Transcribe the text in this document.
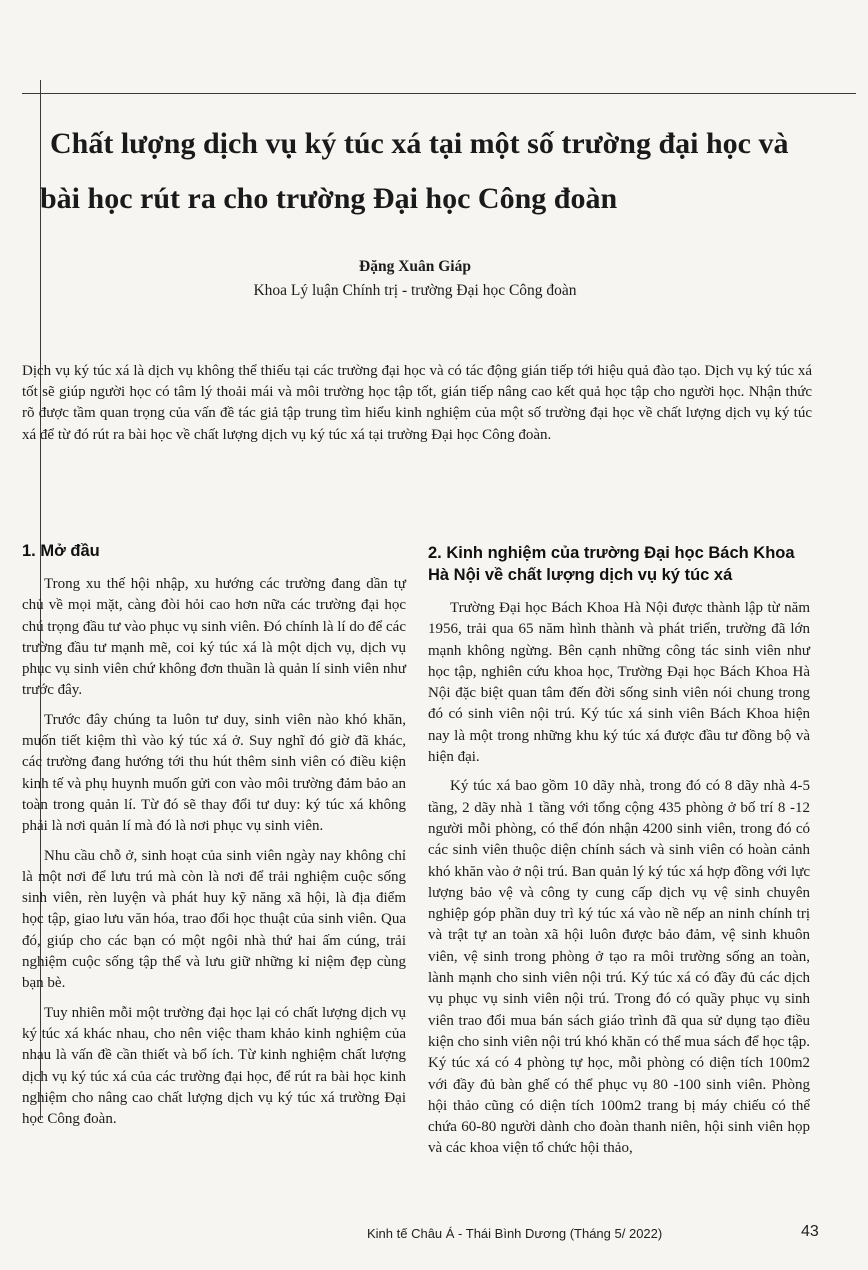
Chất lượng dịch vụ ký túc xá tại một số trường đại học và bài học rút ra cho trường Đại học Công đoàn
Đặng Xuân Giáp
Khoa Lý luận Chính trị - trường Đại học Công đoàn

Dịch vụ ký túc xá là dịch vụ không thể thiếu tại các trường đại học và có tác động gián tiếp tới hiệu quả đào tạo. Dịch vụ ký túc xá tốt sẽ giúp người học có tâm lý thoải mái và môi trường học tập tốt, gián tiếp nâng cao kết quả học tập cho người học. Nhận thức rõ được tầm quan trọng của vấn đề tác giả tập trung tìm hiểu kinh nghiệm của một số trường đại học về chất lượng dịch vụ ký túc xá để từ đó rút ra bài học về chất lượng dịch vụ ký túc xá tại trường Đại học Công đoàn.

1. Mở đầu

Trong xu thế hội nhập, xu hướng các trường đang dần tự chủ về mọi mặt, càng đòi hỏi cao hơn nữa các trường đại học chú trọng đầu tư vào phục vụ sinh viên. Đó chính là lí do để các trường đầu tư mạnh mẽ, coi ký túc xá là một dịch vụ, dịch vụ phục vụ sinh viên chứ không đơn thuần là quản lí sinh viên như trước đây.

Trước đây chúng ta luôn tư duy, sinh viên nào khó khăn, muốn tiết kiệm thì vào ký túc xá ở. Suy nghĩ đó giờ đã khác, các trường đang hướng tới thu hút thêm sinh viên có điều kiện kinh tế và phụ huynh muốn gửi con vào môi trường đảm bảo an toàn trong quản lí. Từ đó sẽ thay đổi tư duy: ký túc xá không phải là nơi quản lí mà đó là nơi phục vụ sinh viên.

Nhu cầu chỗ ở, sinh hoạt của sinh viên ngày nay không chỉ là một nơi để lưu trú mà còn là nơi để trải nghiệm cuộc sống sinh viên, rèn luyện và phát huy kỹ năng xã hội, là địa điểm học tập, giao lưu văn hóa, trao đổi học thuật của sinh viên. Qua đó, giúp cho các bạn có một ngôi nhà thứ hai ấm cúng, trải nghiệm cuộc sống tập thể và lưu giữ những kỉ niệm đẹp cùng bạn bè.

Tuy nhiên mỗi một trường đại học lại có chất lượng dịch vụ ký túc xá khác nhau, cho nên việc tham khảo kinh nghiệm của nhau là vấn đề cần thiết và bổ ích. Từ kinh nghiệm chất lượng dịch vụ ký túc xá của các trường đại học, để rút ra bài học kinh nghiệm cho nâng cao chất lượng dịch vụ ký túc xá trường Đại học Công đoàn.

2. Kinh nghiệm của trường Đại học Bách Khoa Hà Nội về chất lượng dịch vụ ký túc xá

Trường Đại học Bách Khoa Hà Nội được thành lập từ năm 1956, trải qua 65 năm hình thành và phát triển, trường đã lớn mạnh không ngừng. Bên cạnh những công tác sinh viên như học tập, nghiên cứu khoa học, Trường Đại học Bách Khoa Hà Nội đặc biệt quan tâm đến đời sống sinh viên nói chung trong đó có sinh viên nội trú. Ký túc xá sinh viên Bách Khoa hiện nay là một trong những khu ký túc xá được đầu tư đồng bộ và hiện đại.

Ký túc xá bao gồm 10 dãy nhà, trong đó có 8 dãy nhà 4-5 tầng, 2 dãy nhà 1 tầng với tổng cộng 435 phòng ở bố trí 8 -12 người mỗi phòng, có thể đón nhận 4200 sinh viên, trong đó có các sinh viên thuộc diện chính sách và sinh viên có hoàn cảnh khó khăn vào ở nội trú. Ban quản lý ký túc xá hợp đồng với lực lượng bảo vệ và công ty cung cấp dịch vụ vệ sinh chuyên nghiệp góp phần duy trì ký túc xá vào nề nếp an ninh chính trị và trật tự an toàn xã hội luôn được bảo đảm, vệ sinh khuôn viên, vệ sinh trong phòng ở tạo ra môi trường sống an toàn, lành mạnh cho sinh viên nội trú. Ký túc xá có đầy đủ các dịch vụ phục vụ sinh viên nội trú. Trong đó có quầy phục vụ sinh viên trao đổi mua bán sách giáo trình đã qua sử dụng tạo điều kiện cho sinh viên nội trú khó khăn có thể mua sách để học tập. Ký túc xá có 4 phòng tự học, mỗi phòng có diện tích 100m2 với đầy đủ bàn ghế có thể phục vụ 80 -100 sinh viên. Phòng hội thảo cũng có diện tích 100m2 trang bị máy chiếu có thể chứa 60-80 người dành cho đoàn thanh niên, hội sinh viên họp và các khoa viện tổ chức hội thảo,

Kinh tế Châu Á - Thái Bình Dương (Tháng 5/ 2022)	43
